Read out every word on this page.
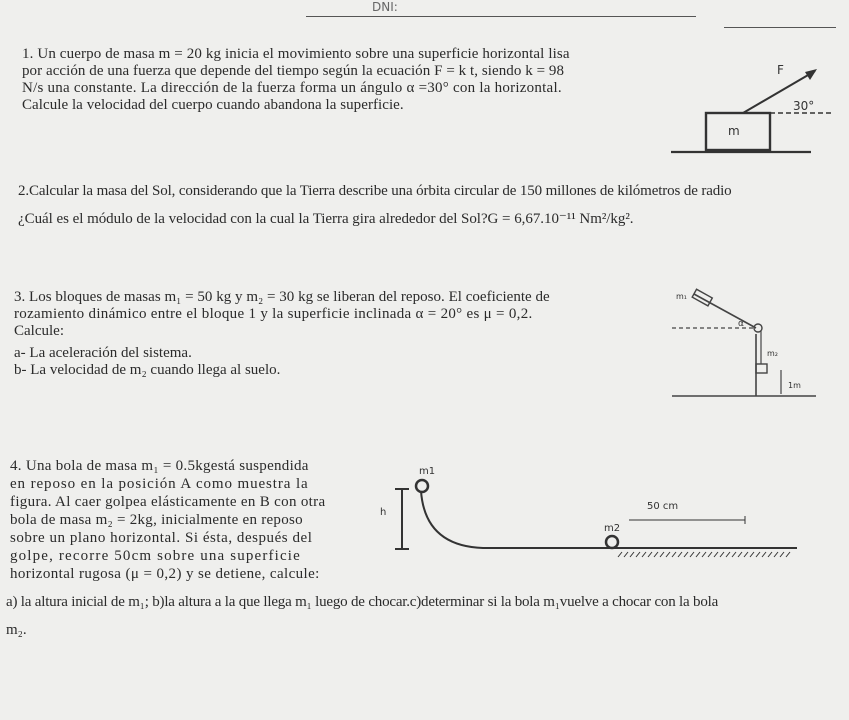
DNI:
1. Un cuerpo de masa m = 20 kg inicia el movimiento sobre una superficie horizontal lisa
por acción de una fuerza que depende del tiempo según la ecuación F = k t, siendo k = 98
N/s una constante. La dirección de la fuerza forma un ángulo α =30° con la horizontal.
Calcule la velocidad del cuerpo cuando abandona la superficie.
F
30°
m
2.Calcular la masa del Sol, considerando que la Tierra describe una órbita circular de 150 millones de kilómetros de radio
¿Cuál es el módulo de la velocidad con la cual la Tierra gira alrededor del Sol?G = 6,67.10⁻¹¹ Nm²/kg².
3. Los bloques de masas m₁ = 50 kg y m₂ = 30 kg se liberan del reposo. El coeficiente de
rozamiento dinámico entre el bloque 1 y la superficie inclinada α = 20° es μ = 0,2.
Calcule:
a- La aceleración del sistema.
b- La velocidad de m₂ cuando llega al suelo.
m₁
α
m₂
1m
4. Una bola de masa m₁ = 0.5kgestá suspendida
en reposo en la posición A como muestra la
figura. Al caer golpea elásticamente en B con otra
bola de masa m₂ = 2kg, inicialmente en reposo
sobre un plano horizontal. Si ésta, después del
golpe, recorre 50cm sobre una superficie
horizontal rugosa (μ = 0,2) y se detiene, calcule:
a) la altura inicial de m₁; b)la altura a la que llega m₁ luego de chocar.c)determinar si la bola m₁vuelve a chocar con la bola
m₂.
m1
h
50 cm
m2
